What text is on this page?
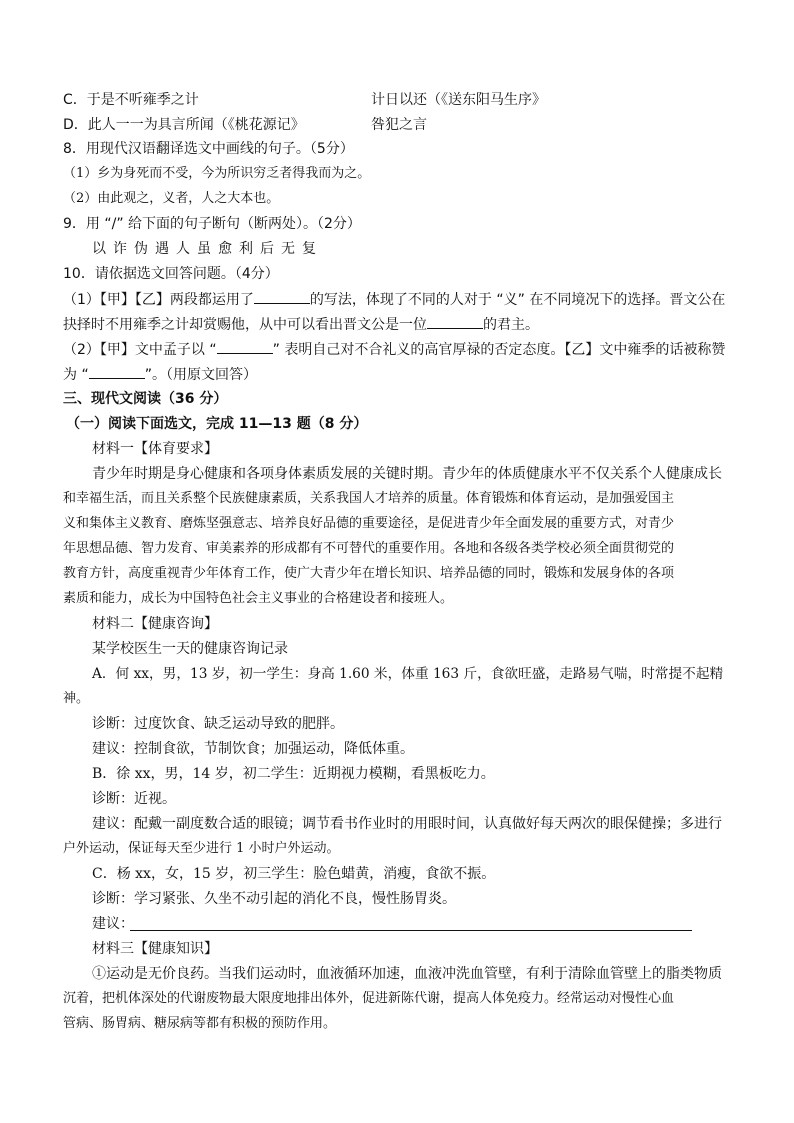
C．于是不听雍季之计	计日以还（《送东阳马生序》
D．此人一一为具言所闻（《桃花源记》	咎犯之言
8．用现代汉语翻译选文中画线的句子。（5分）
（1）乡为身死而不受，今为所识穷乏者得我而为之。
（2）由此观之，义者，人之大本也。
9．用 “/” 给下面的句子断句（断两处）。（2分）
以诈伪遇人虽愈利后无复
10．请依据选文回答问题。（4分）
（1）【甲】【乙】两段都运用了	的写法，体现了不同的人对于 “义” 在不同境况下的选择。晋文公在
抉择时不用雍季之计却赏赐他，从中可以看出晋文公是一位	的君主。
（2）【甲】文中孟子以 “	” 表明自己对不合礼义的高官厚禄的否定态度。【乙】文中雍季的话被称赞
为 “	”。（用原文回答）
三、现代文阅读（36 分）
（一）阅读下面选文，完成 11—13 题（8 分）
材料一【体育要求】
青少年时期是身心健康和各项身体素质发展的关键时期。青少年的体质健康水平不仅关系个人健康成长
和幸福生活，而且关系整个民族健康素质，关系我国人才培养的质量。体育锻炼和体育运动，是加强爱国主
义和集体主义教育、磨炼坚强意志、培养良好品德的重要途径，是促进青少年全面发展的重要方式，对青少
年思想品德、智力发育、审美素养的形成都有不可替代的重要作用。各地和各级各类学校必须全面贯彻党的
教育方针，高度重视青少年体育工作，使广大青少年在增长知识、培养品德的同时，锻炼和发展身体的各项
素质和能力，成长为中国特色社会主义事业的合格建设者和接班人。
材料二【健康咨询】
某学校医生一天的健康咨询记录
A．何 xx，男，13 岁，初一学生：身高 1.60 米，体重 163 斤，食欲旺盛，走路易气喘，时常提不起精
神。
诊断：过度饮食、缺乏运动导致的肥胖。
建议：控制食欲，节制饮食；加强运动，降低体重。
B．徐 xx，男，14 岁，初二学生：近期视力模糊，看黑板吃力。
诊断：近视。
建议：配戴一副度数合适的眼镜；调节看书作业时的用眼时间，认真做好每天两次的眼保健操；多进行
户外运动，保证每天至少进行 1 小时户外运动。
C．杨 xx，女，15 岁，初三学生：脸色蜡黄，消瘦，食欲不振。
诊断：学习紧张、久坐不动引起的消化不良，慢性肠胃炎。
建议：
材料三【健康知识】
①运动是无价良药。当我们运动时，血液循环加速，血液冲洗血管壁，有利于清除血管壁上的脂类物质
沉着，把机体深处的代谢废物最大限度地排出体外，促进新陈代谢，提高人体免疫力。经常运动对慢性心血
管病、肠胃病、糖尿病等都有积极的预防作用。
